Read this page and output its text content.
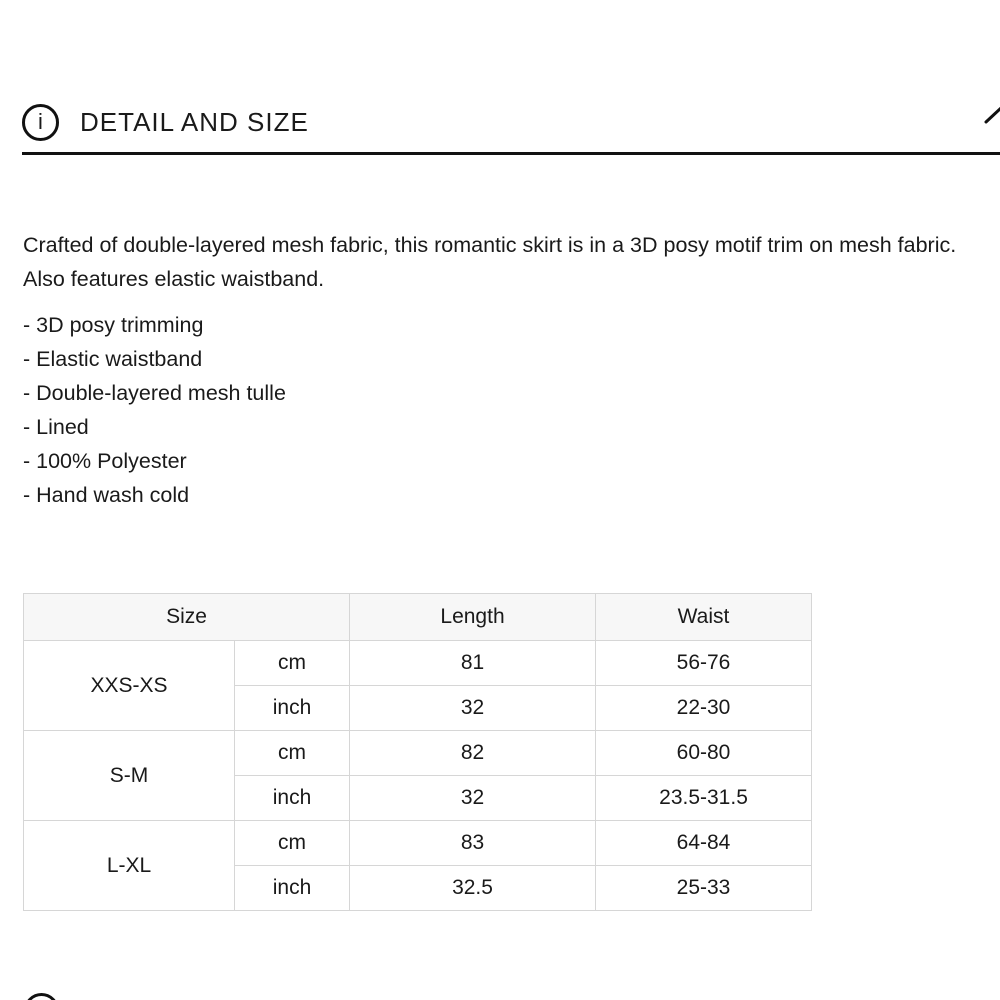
i	DETAIL AND SIZE

Crafted of double-layered mesh fabric, this romantic skirt is in a 3D posy motif trim on mesh fabric. Also features elastic waistband.

- 3D posy trimming
- Elastic waistband
- Double-layered mesh tulle
- Lined
- 100% Polyester
- Hand wash cold
Size		Length	Waist
XXS-XS	cm	81	56-76
	inch	32	22-30
S-M	cm	82	60-80
	inch	32	23.5-31.5
L-XL	cm	83	64-84
	inch	32.5	25-33
